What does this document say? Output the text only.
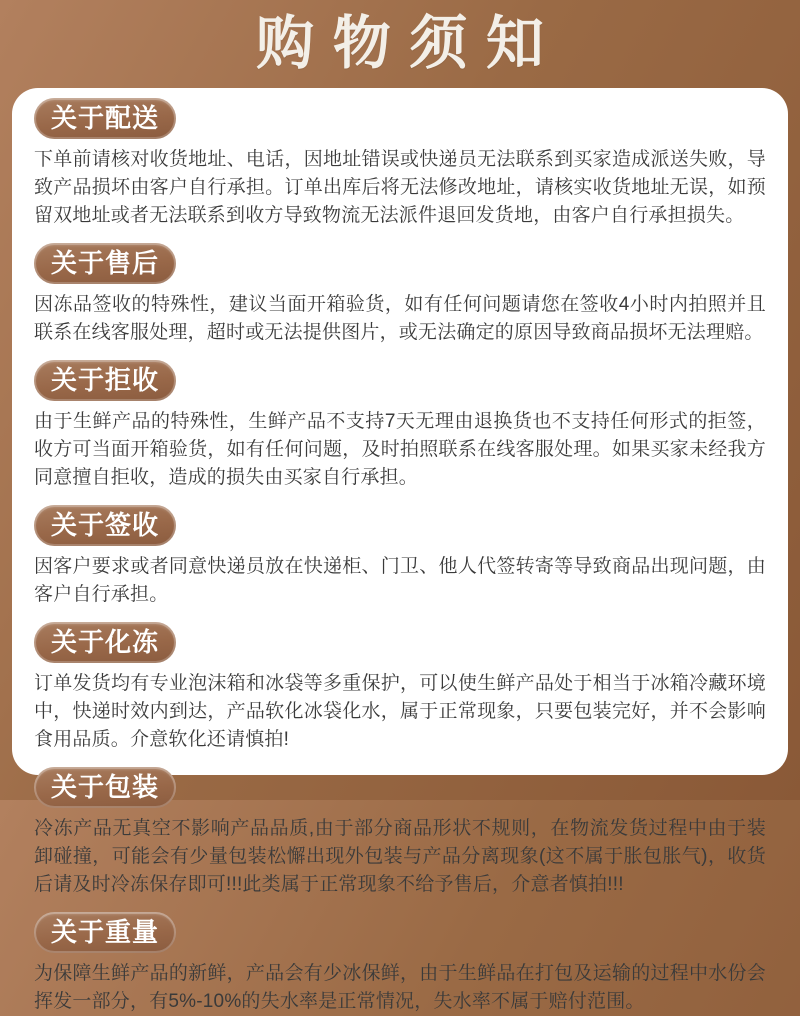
购物须知
关于配送

下单前请核对收货地址、电话，因地址错误或快递员无法联系到买家造成派送失败，导致产品损坏由客户自行承担。订单出库后将无法修改地址，请核实收货地址无误，如预留双地址或者无法联系到收方导致物流无法派件退回发货地，由客户自行承担损失。

关于售后

因冻品签收的特殊性，建议当面开箱验货，如有任何问题请您在签收4小时内拍照并且联系在线客服处理，超时或无法提供图片，或无法确定的原因导致商品损坏无法理赔。

关于拒收

由于生鲜产品的特殊性，生鲜产品不支持7天无理由退换货也不支持任何形式的拒签，收方可当面开箱验货，如有任何问题，及时拍照联系在线客服处理。如果买家未经我方同意擅自拒收，造成的损失由买家自行承担。

关于签收

因客户要求或者同意快递员放在快递柜、门卫、他人代签转寄等导致商品出现问题，由客户自行承担。

关于化冻

订单发货均有专业泡沫箱和冰袋等多重保护，可以使生鲜产品处于相当于冰箱冷藏环境中，快递时效内到达，产品软化冰袋化水，属于正常现象，只要包装完好，并不会影响食用品质。介意软化还请慎拍!

关于包装

冷冻产品无真空不影响产品品质,由于部分商品形状不规则，在物流发货过程中由于装卸碰撞，可能会有少量包装松懈出现外包装与产品分离现象(这不属于胀包胀气)，收货后请及时冷冻保存即可!!!此类属于正常现象不给予售后，介意者慎拍!!!

关于重量

为保障生鲜产品的新鲜，产品会有少冰保鲜，由于生鲜品在打包及运输的过程中水份会挥发一部分，有5%-10%的失水率是正常情况，失水率不属于赔付范围。
